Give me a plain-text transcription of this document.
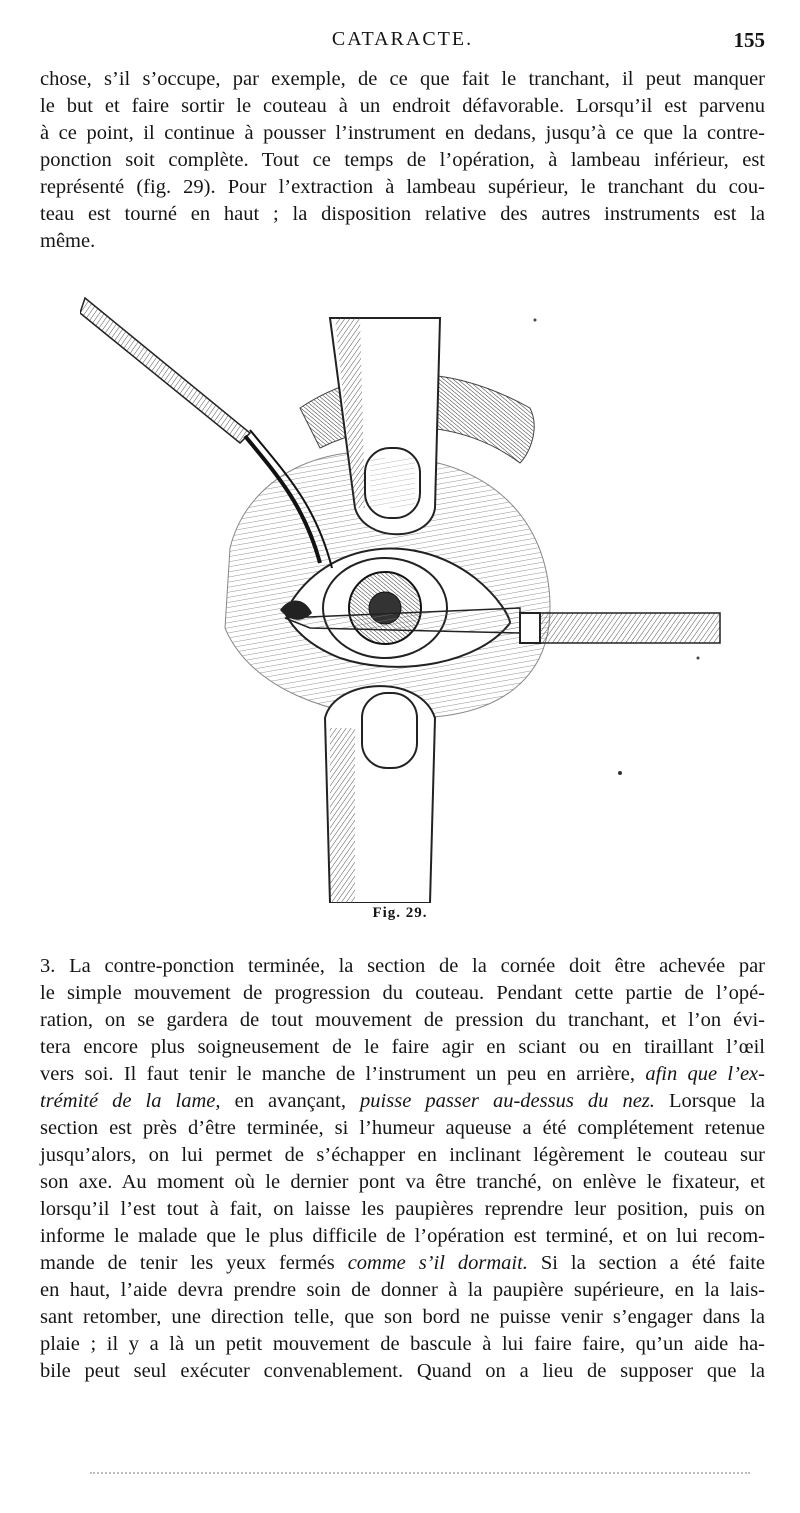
CATARACTE.	155

chose, s’il s’occupe, par exemple, de ce que fait le tranchant, il peut manquer
le but et faire sortir le couteau à un endroit défavorable. Lorsqu’il est parvenu
à ce point, il continue à pousser l’instrument en dedans, jusqu’à ce que la contre-
ponction soit complète. Tout ce temps de l’opération, à lambeau inférieur, est
représenté (fig. 29). Pour l’extraction à lambeau supérieur, le tranchant du cou-
teau est tourné en haut ; la disposition relative des autres instruments est la
même.

Fig. 29.

3. La contre-ponction terminée, la section de la cornée doit être achevée par
le simple mouvement de progression du couteau. Pendant cette partie de l’opé-
ration, on se gardera de tout mouvement de pression du tranchant, et l’on évi-
tera encore plus soigneusement de le faire agir en sciant ou en tiraillant l’œil
vers soi. Il faut tenir le manche de l’instrument un peu en arrière, afin que l’ex-
trémité de la lame, en avançant, puisse passer au-dessus du nez. Lorsque la
section est près d’être terminée, si l’humeur aqueuse a été complétement retenue
jusqu’alors, on lui permet de s’échapper en inclinant légèrement le couteau sur
son axe. Au moment où le dernier pont va être tranché, on enlève le fixateur, et
lorsqu’il l’est tout à fait, on laisse les paupières reprendre leur position, puis on
informe le malade que le plus difficile de l’opération est terminé, et on lui recom-
mande de tenir les yeux fermés comme s’il dormait. Si la section a été faite
en haut, l’aide devra prendre soin de donner à la paupière supérieure, en la lais-
sant retomber, une direction telle, que son bord ne puisse venir s’engager dans la
plaie ; il y a là un petit mouvement de bascule à lui faire faire, qu’un aide ha-
bile peut seul exécuter convenablement. Quand on a lieu de supposer que la
